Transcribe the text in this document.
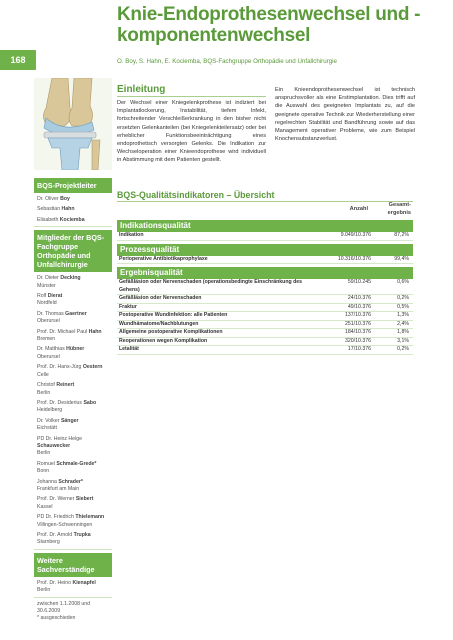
168
Knie-Endoprothesenwechsel und -komponentenwechsel
O. Boy, S. Hahn, E. Kociemba, BQS-Fachgruppe Orthopädie und Unfallchirurgie
Einleitung
Der Wechsel einer Kniegelenkprothese ist indiziert bei Implantatlockerung, Instabilität, tiefem Infekt, fortschreitender Verschleißerkrankung in den bisher nicht ersetzten Gelenkanteilen (bei Kniegelenkteilersatz) oder bei erheblicher Funktionsbeeinträchtigung eines endoprothetisch versorgten Gelenks. Die Indikation zur Wechseloperation einer Knieendoprothese wird individuell in Abstimmung mit dem Patienten gestellt.
Ein Knieendoprothesenwechsel ist technisch anspruchsvoller als eine Erstimplantation. Dies trifft auf die Auswahl des geeigneten Implantats zu, auf die geeignete operative Technik zur Wiederherstellung einer regelrechten Stabilität und Bandführung sowie auf das Management operativer Probleme, wie zum Beispiel Knochensubstanzverlust.
BQS-Projektleiter
Dr. Oliver Boy
Sebastian Hahn
Elisabeth Kociemba
Mitglieder der BQS-Fachgruppe Orthopädie und Unfallchirurgie
Dr. Dieter Decking
Münster
Rolf Dierat
Nordfeld
Dr. Thomas Gaertner
Oberursel
Prof. Dr. Michael Paul Hahn
Bremen
Dr. Matthias Hübner
Oberursel
Prof. Dr. Hans-Jürg Oestern
Celle
Christof Reinert
Berlin
Prof. Dr. Desiderius Sabo
Heidelberg
Dr. Volker Sänger
Eichstätt
PD Dr. Heinz Helge Schauwecker
Berlin
Romuel Schmale-Grede*
Bonn
Johanna Schrader*
Frankfurt am Main
Prof. Dr. Werner Siebert
Kassel
PD Dr. Friedrich Thielemann
Villingen-Schwenningen
Prof. Dr. Arnold Trupka
Starnberg
Weitere Sachverständige
Prof. Dr. Heino Kienapfel
Berlin
zwischen 1.1.2008 und 30.6.2009
* ausgeschieden
BQS-Qualitätsindikatoren – Übersicht
Anzahl
Gesamt-ergebnis
Indikationsqualität
Indikation	9.049/10.376	87,2%
Prozessqualität
Perioperative Antibiotikaprophylaxe	10.316/10.376	99,4%
Ergebnisqualität
Gefäßläsion oder Nervenschaden (operationsbedingte Einschränkung des Gehens)
59/10.245	0,6%
Gefäßläsion oder Nervenschaden	24/10.376	0,2%
Fraktur	49/10.376	0,5%
Postoperative Wundinfektion: alle Patienten	137/10.376	1,3%
Wundhämatome/Nachblutungen	251/10.376	2,4%
Allgemeine postoperative Komplikationen	184/10.376	1,8%
Reoperationen wegen Komplikation	320/10.376	3,1%
Letalität	17/10.376	0,2%
